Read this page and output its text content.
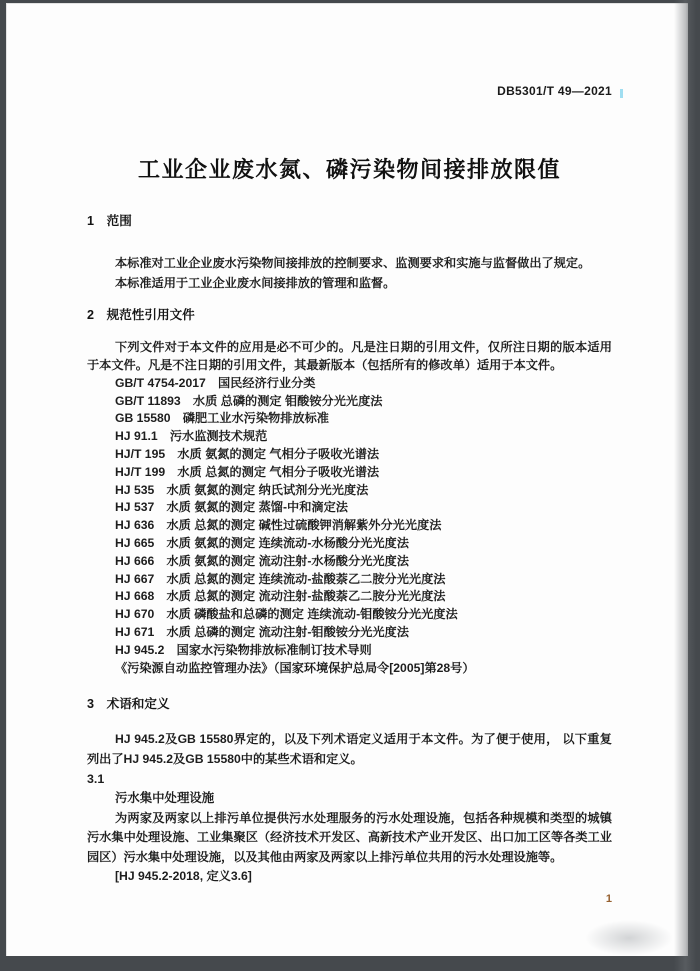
DB5301/T 49—2021
工业企业废水氮、磷污染物间接排放限值
1　范围
本标准对工业企业废水污染物间接排放的控制要求、监测要求和实施与监督做出了规定。
本标准适用于工业企业废水间接排放的管理和监督。
2　规范性引用文件
下列文件对于本文件的应用是必不可少的。凡是注日期的引用文件，仅所注日期的版本适用于本文件。凡是不注日期的引用文件，其最新版本（包括所有的修改单）适用于本文件。
GB/T 4754-2017　国民经济行业分类
GB/T 11893　水质 总磷的测定 钼酸铵分光光度法
GB 15580　磷肥工业水污染物排放标准
HJ 91.1　污水监测技术规范
HJ/T 195　水质 氨氮的测定 气相分子吸收光谱法
HJ/T 199　水质 总氮的测定 气相分子吸收光谱法
HJ 535　水质 氨氮的测定 纳氏试剂分光光度法
HJ 537　水质 氨氮的测定 蒸馏-中和滴定法
HJ 636　水质 总氮的测定 碱性过硫酸钾消解紫外分光光度法
HJ 665　水质 氨氮的测定 连续流动-水杨酸分光光度法
HJ 666　水质 氨氮的测定 流动注射-水杨酸分光光度法
HJ 667　水质 总氮的测定 连续流动-盐酸萘乙二胺分光光度法
HJ 668　水质 总氮的测定 流动注射-盐酸萘乙二胺分光光度法
HJ 670　水质 磷酸盐和总磷的测定 连续流动-钼酸铵分光光度法
HJ 671　水质 总磷的测定 流动注射-钼酸铵分光光度法
HJ 945.2　国家水污染物排放标准制订技术导则
《污染源自动监控管理办法》（国家环境保护总局令[2005]第28号）
3　术语和定义
HJ 945.2及GB 15580界定的，以及下列术语定义适用于本文件。为了便于使用， 以下重复列出了HJ 945.2及GB 15580中的某些术语和定义。
3.1
污水集中处理设施
为两家及两家以上排污单位提供污水处理服务的污水处理设施，包括各种规模和类型的城镇污水集中处理设施、工业集聚区（经济技术开发区、高新技术产业开发区、出口加工区等各类工业园区）污水集中处理设施，以及其他由两家及两家以上排污单位共用的污水处理设施等。
[HJ 945.2-2018, 定义3.6]
1
